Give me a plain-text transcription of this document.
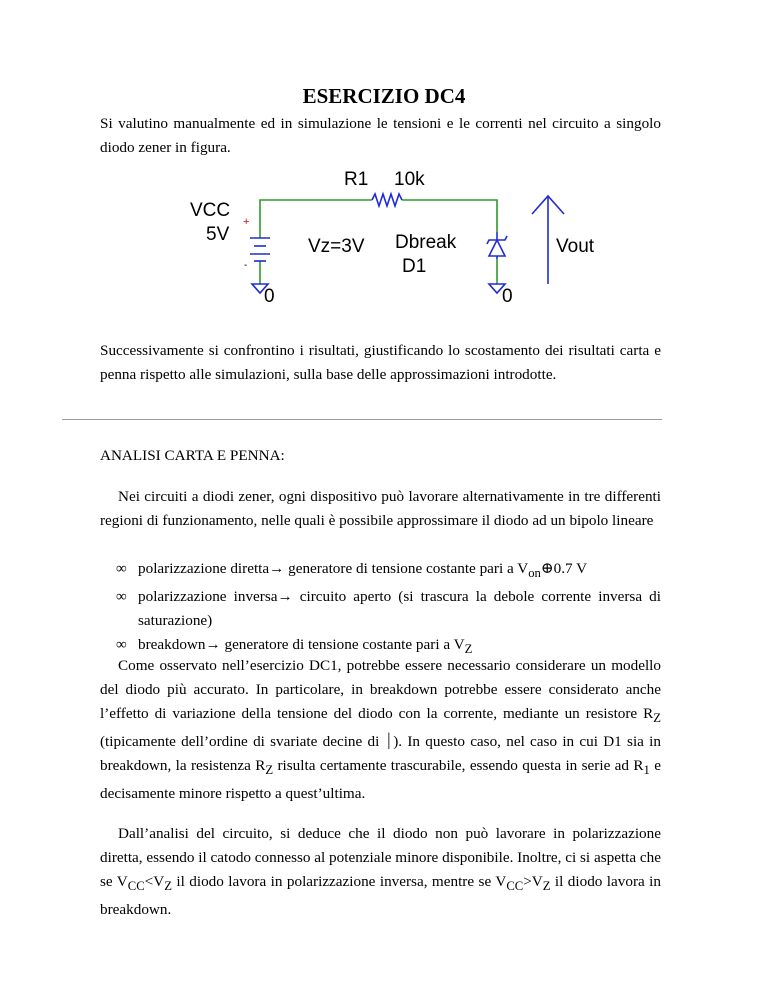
ESERCIZIO DC4

Si valutino manualmente ed in simulazione le tensioni e le correnti nel circuito a singolo diodo zener in figura.

R1 10k
VCC
5V
+
-
Vz=3V Dbreak
D1
0	0
Vout

Successivamente si confrontino i risultati, giustificando lo scostamento dei risultati carta e penna rispetto alle simulazioni, sulla base delle approssimazioni introdotte.

ANALISI CARTA E PENNA:

Nei circuiti a diodi zener, ogni dispositivo può lavorare alternativamente in tre differenti regioni di funzionamento, nelle quali è possibile approssimare il diodo ad un bipolo lineare

∞ polarizzazione diretta→ generatore di tensione costante pari a $V_{on}\oplus 0.7$ V
∞ polarizzazione inversa→ circuito aperto (si trascura la debole corrente inversa di saturazione)
∞ breakdown→ generatore di tensione costante pari a $V_Z$

Come osservato nell’esercizio DC1, potrebbe essere necessario considerare un modello del diodo più accurato. In particolare, in breakdown potrebbe essere considerato anche l’effetto di variazione della tensione del diodo con la corrente, mediante un resistore $R_Z$ (tipicamente dell’ordine di svariate decine di ⏐). In questo caso, nel caso in cui D1 sia in breakdown, la resistenza $R_Z$ risulta certamente trascurabile, essendo questa in serie ad $R_1$ e decisamente minore rispetto a quest’ultima.

Dall’analisi del circuito, si deduce che il diodo non può lavorare in polarizzazione diretta, essendo il catodo connesso al potenziale minore disponibile. Inoltre, ci si aspetta che se $V_{CC}<V_Z$ il diodo lavora in polarizzazione inversa, mentre se $V_{CC}>V_Z$ il diodo lavora in breakdown.
